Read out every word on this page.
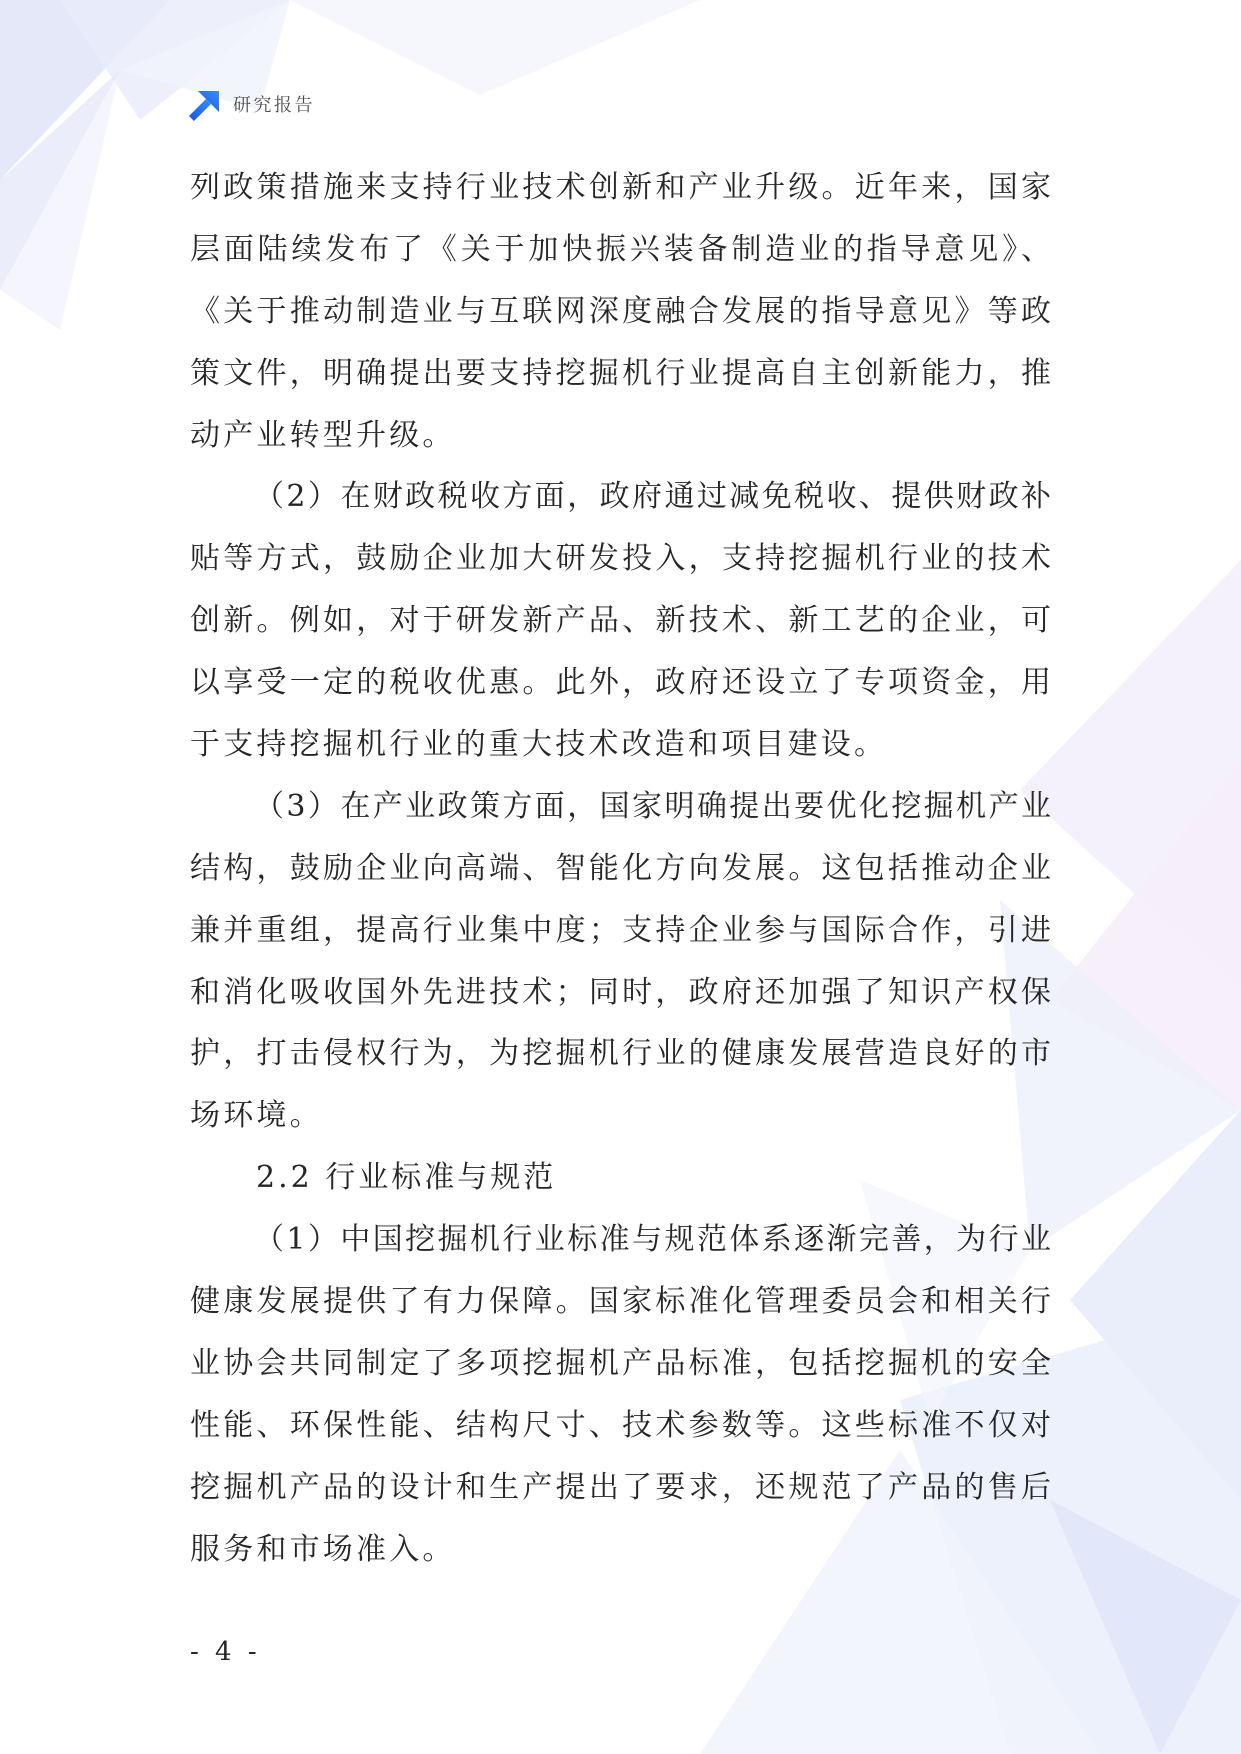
研究报告
列政策措施来支持行业技术创新和产业升级。近年来，国家
层面陆续发布了《关于加快振兴装备制造业的指导意见》、
《关于推动制造业与互联网深度融合发展的指导意见》等政
策文件，明确提出要支持挖掘机行业提高自主创新能力，推
动产业转型升级。
（2）在财政税收方面，政府通过减免税收、提供财政补
贴等方式，鼓励企业加大研发投入，支持挖掘机行业的技术
创新。例如，对于研发新产品、新技术、新工艺的企业，可
以享受一定的税收优惠。此外，政府还设立了专项资金，用
于支持挖掘机行业的重大技术改造和项目建设。
（3）在产业政策方面，国家明确提出要优化挖掘机产业
结构，鼓励企业向高端、智能化方向发展。这包括推动企业
兼并重组，提高行业集中度；支持企业参与国际合作，引进
和消化吸收国外先进技术；同时，政府还加强了知识产权保
护，打击侵权行为，为挖掘机行业的健康发展营造良好的市
场环境。
2.2 行业标准与规范
（1）中国挖掘机行业标准与规范体系逐渐完善，为行业
健康发展提供了有力保障。国家标准化管理委员会和相关行
业协会共同制定了多项挖掘机产品标准，包括挖掘机的安全
性能、环保性能、结构尺寸、技术参数等。这些标准不仅对
挖掘机产品的设计和生产提出了要求，还规范了产品的售后
服务和市场准入。
- 4 -
